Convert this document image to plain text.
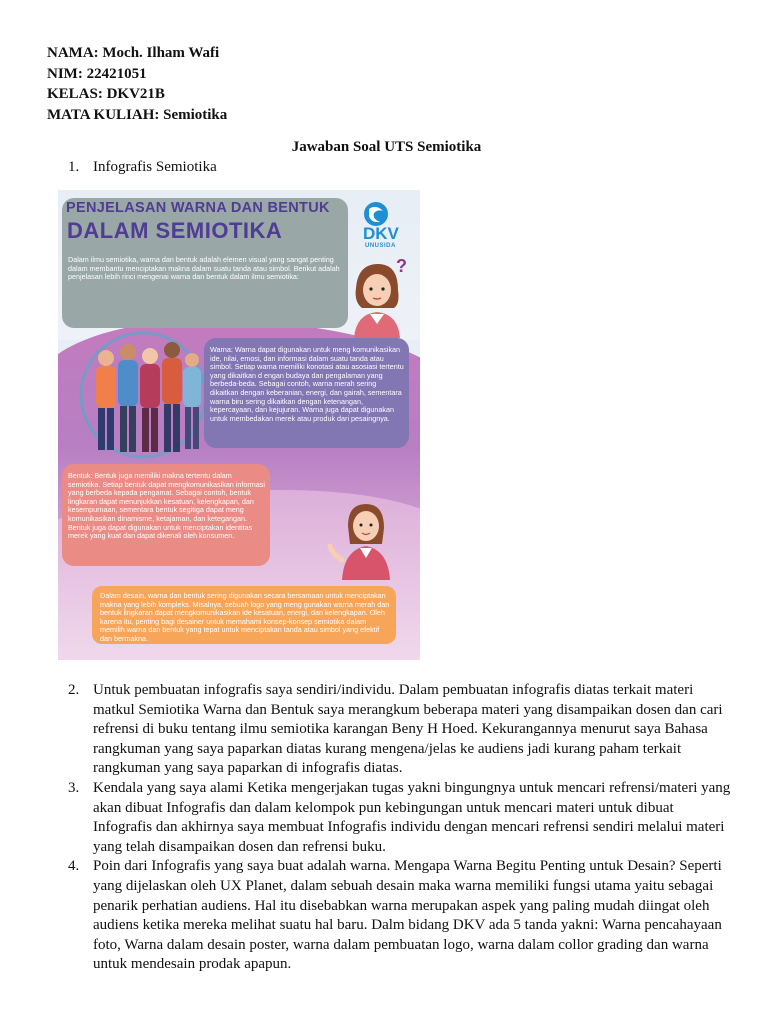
NAMA: Moch. Ilham Wafi
NIM: 22421051
KELAS: DKV21B
MATA KULIAH: Semiotika
Jawaban Soal UTS Semiotika
1. Infografis Semiotika
PENJELASAN WARNA DAN BENTUK
DALAM SEMIOTIKA
Dalam ilmu semiotika, warna dan bentuk adalah elemen visual yang sangat penting dalam membantu menciptakan makna dalam suatu tanda atau simbol. Berikut adalah penjelasan lebih rinci mengenai warna dan bentuk dalam ilmu semiotika:
DKV
UNUSIDA
?
Warna: Warna dapat digunakan untuk meng komunikasikan ide, nilai, emosi, dan informasi dalam suatu tanda atau simbol. Setiap warna memiliki konotasi atau asosiasi tertentu yang dikaitkan d engan budaya dan pengalaman yang berbeda-beda. Sebagai contoh, warna merah sering dikaitkan dengan keberanian, energi, dan gairah, sementara warna biru sering dikaitkan dengan ketenangan, kepercayaan, dan kejujuran. Warna juga dapat digunakan untuk membedakan merek atau produk dari pesaingnya.
Bentuk: Bentuk juga memiliki makna tertentu dalam semiotika. Setiap bentuk dapat mengkomunikasikan informasi yang berbeda kepada pengamat. Sebagai contoh, bentuk lingkaran dapat menunjukkan kesatuan, kelengkapan, dan kesempurnaan, sementara bentuk segitiga dapat meng komunikasikan dinamisme, ketajaman, dan ketegangan. Bentuk juga dapat digunakan untuk menciptakan identitas merek yang kuat dan dapat dikenali oleh konsumen.
Dalam desain, warna dan bentuk sering digunakan secara bersamaan untuk menciptakan makna yang lebih kompleks. Misalnya, sebuah logo yang meng gunakan warna merah dan bentuk lingkaran dapat mengkomunikasikan ide kesatuan, energi, dan kelengkapan. Oleh karena itu, penting bagi desainer untuk memahami konsep-konsep semiotika dalam memilih warna dan bentuk yang tepat untuk menciptakan tanda atau simbol yang efektif dan bermakna.
2. Untuk pembuatan infografis saya sendiri/individu. Dalam pembuatan infografis diatas terkait materi matkul Semiotika Warna dan Bentuk saya merangkum beberapa materi yang disampaikan dosen dan cari refrensi di buku tentang ilmu semiotika karangan Beny H Hoed. Kekurangannya menurut saya Bahasa rangkuman yang saya paparkan diatas kurang mengena/jelas ke audiens jadi kurang paham terkait rangkuman yang saya paparkan di infografis diatas.
3. Kendala yang saya alami Ketika mengerjakan tugas yakni bingungnya untuk mencari refrensi/materi yang akan dibuat Infografis dan dalam kelompok pun kebingungan untuk mencari materi untuk dibuat Infografis dan akhirnya saya membuat Infografis individu dengan mencari refrensi sendiri melalui materi yang telah disampaikan dosen dan refrensi buku.
4. Poin dari Infografis yang saya buat adalah warna. Mengapa Warna Begitu Penting untuk Desain? Seperti yang dijelaskan oleh UX Planet, dalam sebuah desain maka warna memiliki fungsi utama yaitu sebagai penarik perhatian audiens. Hal itu disebabkan warna merupakan aspek yang paling mudah diingat oleh audiens ketika mereka melihat suatu hal baru. Dalm bidang DKV ada 5 tanda yakni: Warna pencahayaan foto, Warna dalam desain poster, warna dalam pembuatan logo, warna dalam collor grading dan warna untuk mendesain prodak apapun.
